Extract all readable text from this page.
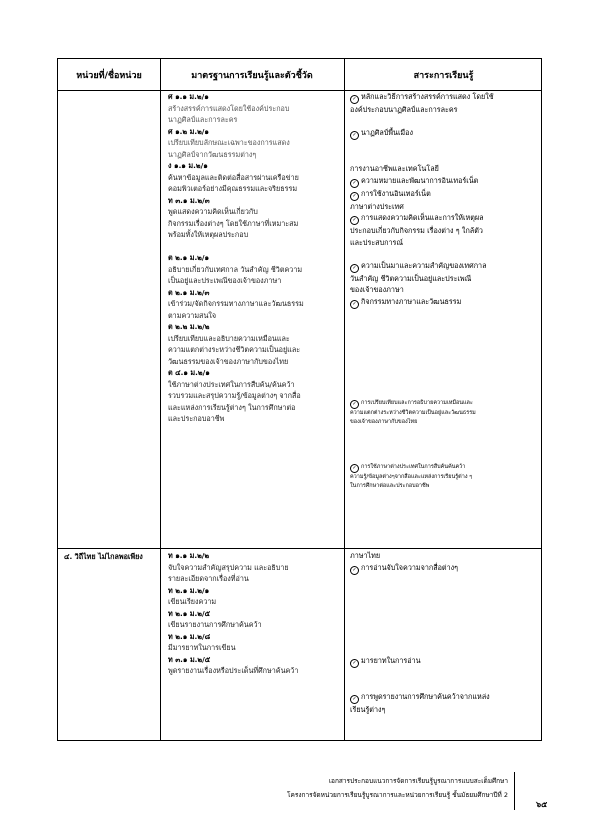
หน่วยที่/ชื่อหน่วย	มาตรฐานการเรียนรู้และตัวชี้วัด	สาระการเรียนรู้
๔. วิถีไทย ไม่ไกลพอเพียง
ศ ๑.๑ ม.๒/๑
สร้างสรรค์การแสดงโดยใช้องค์ประกอบ
นาฏศิลป์และการละคร
ศ ๑.๒ ม.๒/๑
เปรียบเทียบลักษณะเฉพาะของการแสดง
นาฏศิลป์จากวัฒนธรรมต่างๆ
ง ๑.๑ ม.๒/๑
ค้นหาข้อมูลและติดต่อสื่อสารผ่านเครือข่าย
คอมพิวเตอร์อย่างมีคุณธรรมและจริยธรรม
ท ๓.๑ ม.๒/๓
พูดแสดงความคิดเห็นเกี่ยวกับ
กิจกรรมเรื่องต่างๆ โดยใช้ภาษาที่เหมาะสม
พร้อมทั้งให้เหตุผลประกอบ
ต ๒.๑ ม.๒/๑
อธิบายเกี่ยวกับเทศกาล วันสำคัญ ชีวิตความ
เป็นอยู่และประเพณีของเจ้าของภาษา
ต ๒.๑ ม.๒/๓
เข้าร่วม/จัดกิจกรรมทางภาษาและวัฒนธรรม
ตามความสนใจ
ต ๒.๒ ม.๒/๒
เปรียบเทียบและอธิบายความเหมือนและ
ความแตกต่างระหว่างชีวิตความเป็นอยู่และ
วัฒนธรรมของเจ้าของภาษากับของไทย
ต ๔.๑ ม.๒/๑
ใช้ภาษาต่างประเทศในการสืบค้น/ค้นคว้า
รวบรวมและสรุปความรู้/ข้อมูลต่างๆ จากสื่อ
และแหล่งการเรียนรู้ต่างๆ ในการศึกษาต่อ
และประกอบอาชีพ
✓ หลักและวิธีการสร้างสรรค์การแสดง โดยใช้
องค์ประกอบนาฏศิลป์และการละคร
✓ นาฏศิลป์พื้นเมือง
การงานอาชีพและเทคโนโลยี
✓ ความหมายและพัฒนาการอินเทอร์เน็ต
✓ การใช้งานอินเทอร์เน็ต
ภาษาต่างประเทศ
✓ การแสดงความคิดเห็นและการให้เหตุผล
ประกอบเกี่ยวกับกิจกรรม เรื่องต่าง ๆ ใกล้ตัว
และประสบการณ์
✓ ความเป็นมาและความสำคัญของเทศกาล
วันสำคัญ ชีวิตความเป็นอยู่และประเพณี
ของเจ้าของภาษา
✓ กิจกรรมทางภาษาและวัฒนธรรม
✓ การเปรียบเทียบและการอธิบายความเหมือนและ
ความแตกต่างระหว่างชีวิตความเป็นอยู่และวัฒนธรรม
ของเจ้าของภาษากับของไทย
✓ การใช้ภาษาต่างประเทศในการสืบค้นค้นคว้า
ความรู้/ข้อมูลต่างๆจากสื่อและแหล่งการเรียนรู้ต่าง ๆ
ในการศึกษาต่อและประกอบอาชีพ
ท ๑.๑ ม.๒/๒
จับใจความสำคัญสรุปความ และอธิบาย
รายละเอียดจากเรื่องที่อ่าน
ท ๒.๑ ม.๒/๑
เขียนเรียงความ
ท ๒.๑ ม.๒/๕
เขียนรายงานการศึกษาค้นคว้า
ท ๒.๑ ม.๒/๘
มีมารยาทในการเขียน
ท ๓.๑ ม.๒/๕
พูดรายงานเรื่องหรือประเด็นที่ศึกษาค้นคว้า
ภาษาไทย
✓ การอ่านจับใจความจากสื่อต่างๆ
✓ มารยาทในการอ่าน
✓ การพูดรายงานการศึกษาค้นคว้าจากแหล่ง
เรียนรู้ต่างๆ
เอกสารประกอบแนวการจัดการเรียนรู้บูรณาการแบบสะเต็มศึกษา
โครงการจัดหน่วยการเรียนรู้บูรณาการและหน่วยการเรียนรู้ ชั้นมัธยมศึกษาปีที่ 2
๖๕
